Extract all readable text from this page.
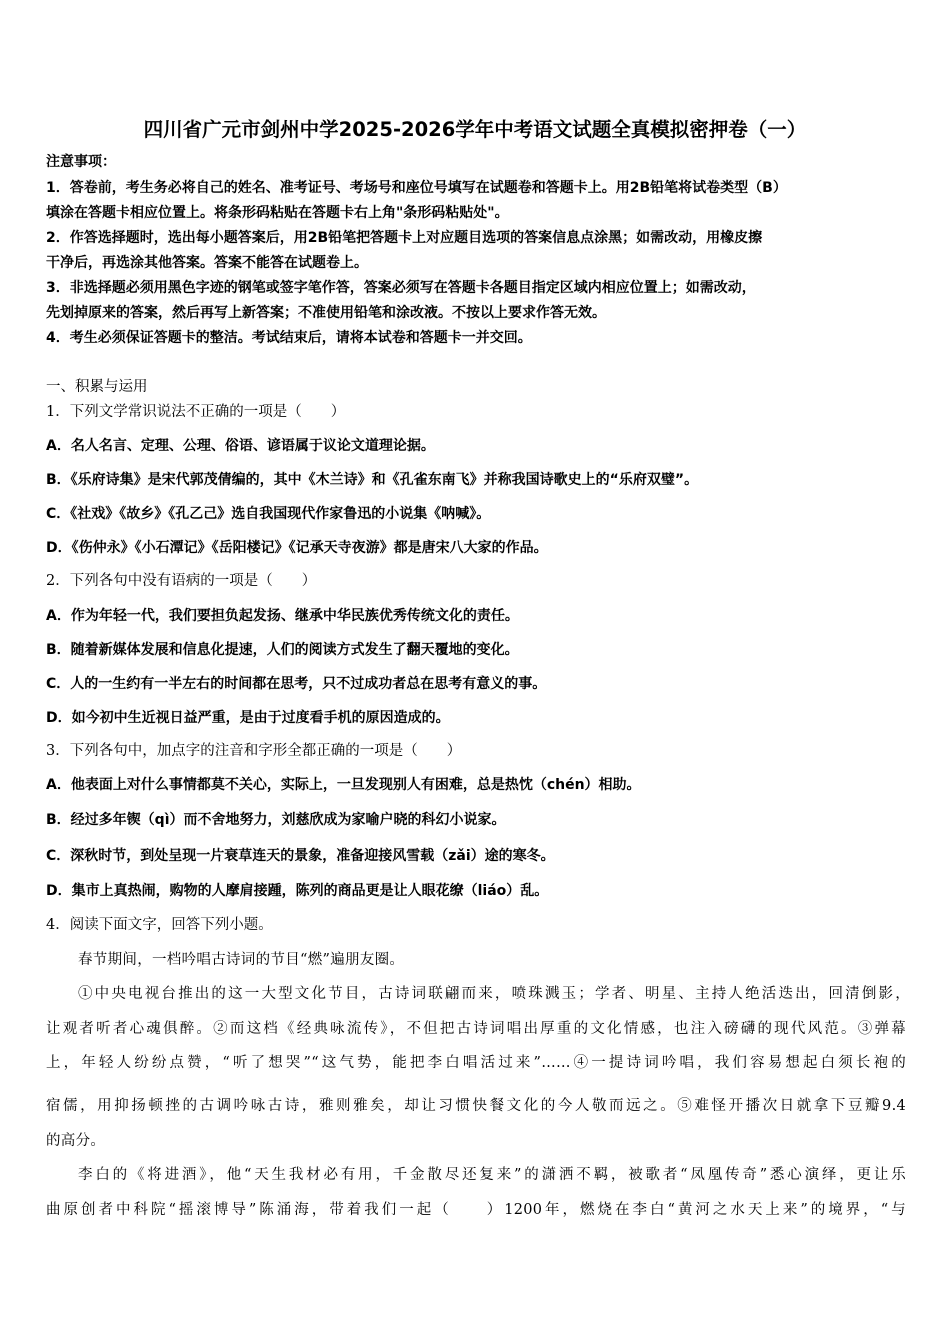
四川省广元市剑州中学2025-2026学年中考语文试题全真模拟密押卷（一）
注意事项：
1．答卷前，考生务必将自己的姓名、准考证号、考场号和座位号填写在试题卷和答题卡上。用2B铅笔将试卷类型（B）
填涂在答题卡相应位置上。将条形码粘贴在答题卡右上角"条形码粘贴处"。
2．作答选择题时，选出每小题答案后，用2B铅笔把答题卡上对应题目选项的答案信息点涂黑；如需改动，用橡皮擦
干净后，再选涂其他答案。答案不能答在试题卷上。
3．非选择题必须用黑色字迹的钢笔或签字笔作答，答案必须写在答题卡各题目指定区域内相应位置上；如需改动，
先划掉原来的答案，然后再写上新答案；不准使用铅笔和涂改液。不按以上要求作答无效。
4．考生必须保证答题卡的整洁。考试结束后，请将本试卷和答题卡一并交回。
一、积累与运用
1．下列文学常识说法不正确的一项是（　　）
A．名人名言、定理、公理、俗语、谚语属于议论文道理论据。
B．《乐府诗集》是宋代郭茂倩编的，其中《木兰诗》和《孔雀东南飞》并称我国诗歌史上的“乐府双璧”。
C．《社戏》《故乡》《孔乙己》选自我国现代作家鲁迅的小说集《呐喊》。
D．《伤仲永》《小石潭记》《岳阳楼记》《记承天寺夜游》都是唐宋八大家的作品。
2．下列各句中没有语病的一项是（　　）
A．作为年轻一代，我们要担负起发扬、继承中华民族优秀传统文化的责任。
B．随着新媒体发展和信息化提速，人们的阅读方式发生了翻天覆地的变化。
C．人的一生约有一半左右的时间都在思考，只不过成功者总在思考有意义的事。
D．如今初中生近视日益严重，是由于过度看手机的原因造成的。
3．下列各句中，加点字的注音和字形全都正确的一项是（　　）
A．他表面上对什么事情都莫不关心，实际上，一旦发现别人有困难，总是热忱（chén）相助。
B．经过多年锲（qì）而不舍地努力，刘慈欣成为家喻户晓的科幻小说家。
C．深秋时节，到处呈现一片衰草连天的景象，准备迎接风雪载（zǎi）途的寒冬。
D．集市上真热闹，购物的人摩肩接踵，陈列的商品更是让人眼花缭（liáo）乱。
4．阅读下面文字，回答下列小题。
春节期间，一档吟唱古诗词的节目“燃”遍朋友圈。
①中央电视台推出的这一大型文化节目，古诗词联翩而来，喷珠溅玉；学者、明星、主持人绝活迭出，回清倒影，
让观者听者心魂俱醉。②而这档《经典咏流传》，不但把古诗词唱出厚重的文化情感，也注入磅礴的现代风范。③弹幕
上，年轻人纷纷点赞，“听了想哭”“这气势，能把李白唱活过来”……④一提诗词吟唱，我们容易想起白须长袍的
宿儒，用抑扬顿挫的古调吟咏古诗，雅则雅矣，却让习惯快餐文化的今人敬而远之。⑤难怪开播次日就拿下豆瓣9.4
的高分。
李白的《将进酒》，他“天生我材必有用，千金散尽还复来”的潇洒不羁，被歌者“凤凰传奇”悉心演绎，更让乐
曲原创者中科院“摇滚博导”陈涌海，带着我们一起（　　）1200年，燃烧在李白“黄河之水天上来”的境界，“与
